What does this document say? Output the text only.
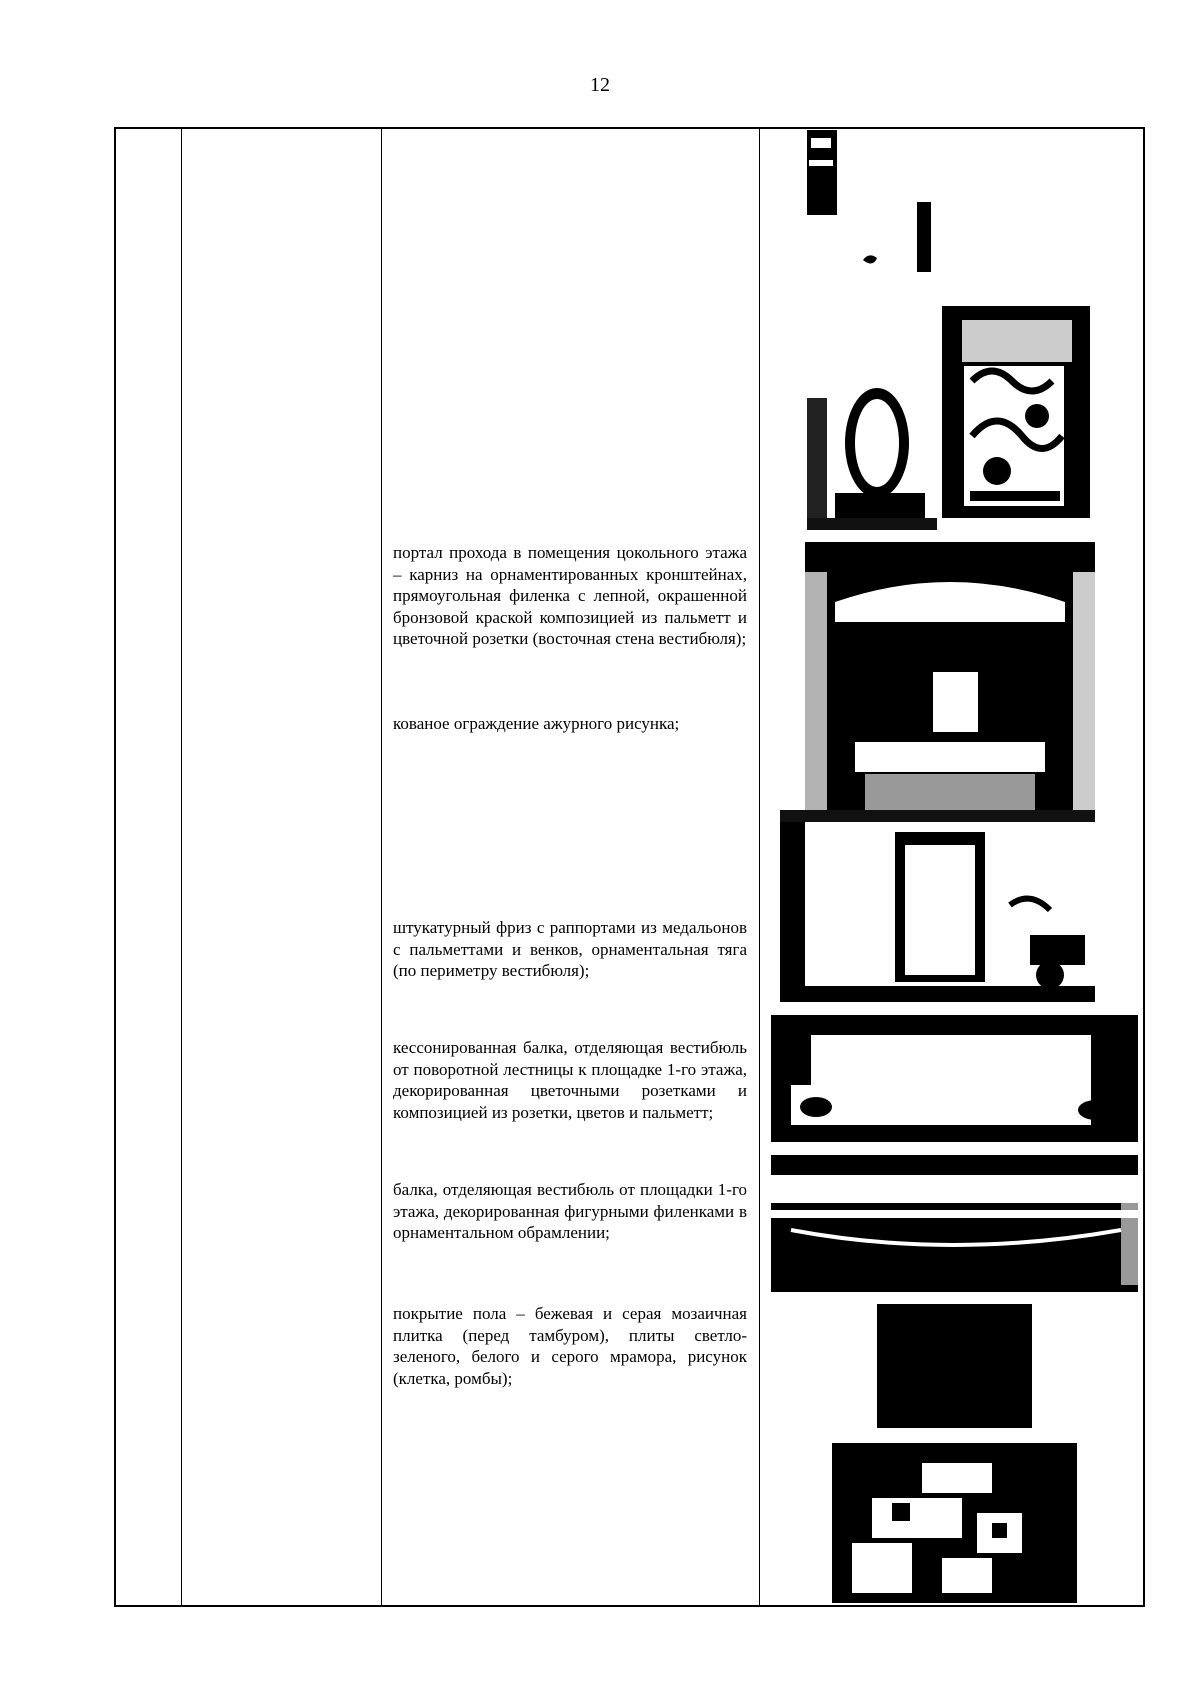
12
портал прохода в помещения цокольного этажа – карниз на орнаментированных кронштейнах, прямоугольная филенка с лепной, окрашенной бронзовой краской композицией из пальметт и цветочной розетки (восточная стена вестибюля);
кованое ограждение ажурного рисунка;
штукатурный фриз с раппортами из медальонов с пальметтами и венков, орнаментальная тяга (по периметру вестибюля);
кессонированная балка, отделяющая вестибюль от поворотной лестницы к площадке 1-го этажа, декорированная цветочными розетками и композицией из розетки, цветов и пальметт;
балка, отделяющая вестибюль от площадки 1-го этажа, декорированная фигурными филенками в орнаментальном обрамлении;
покрытие пола – бежевая и серая мозаичная плитка (перед тамбуром), плиты светло-зеленого, белого и серого мрамора, рисунок (клетка, ромбы);
